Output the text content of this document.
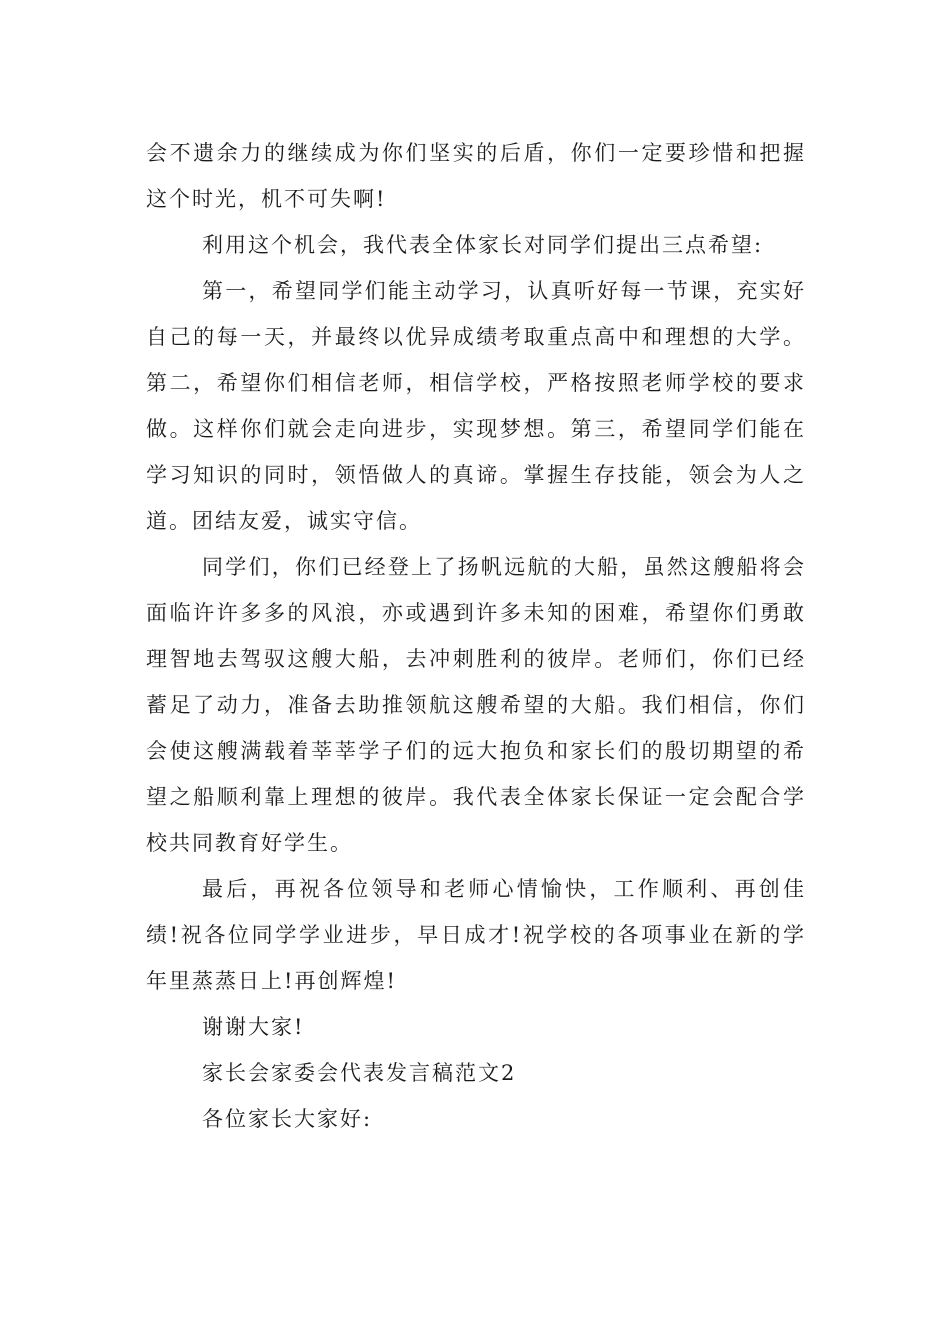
会不遗余力的继续成为你们坚实的后盾，你们一定要珍惜和把握这个时光，机不可失啊!

利用这个机会，我代表全体家长对同学们提出三点希望:

第一，希望同学们能主动学习，认真听好每一节课，充实好自己的每一天，并最终以优异成绩考取重点高中和理想的大学。第二，希望你们相信老师，相信学校，严格按照老师学校的要求做。这样你们就会走向进步，实现梦想。第三，希望同学们能在学习知识的同时，领悟做人的真谛。掌握生存技能，领会为人之道。团结友爱，诚实守信。

同学们，你们已经登上了扬帆远航的大船，虽然这艘船将会面临许许多多的风浪，亦或遇到许多未知的困难，希望你们勇敢理智地去驾驭这艘大船，去冲刺胜利的彼岸。老师们，你们已经蓄足了动力，准备去助推领航这艘希望的大船。我们相信，你们会使这艘满载着莘莘学子们的远大抱负和家长们的殷切期望的希望之船顺利靠上理想的彼岸。我代表全体家长保证一定会配合学校共同教育好学生。

最后，再祝各位领导和老师心情愉快，工作顺利、再创佳绩!祝各位同学学业进步，早日成才!祝学校的各项事业在新的学年里蒸蒸日上!再创辉煌!

谢谢大家!

家长会家委会代表发言稿范文2

各位家长大家好:
